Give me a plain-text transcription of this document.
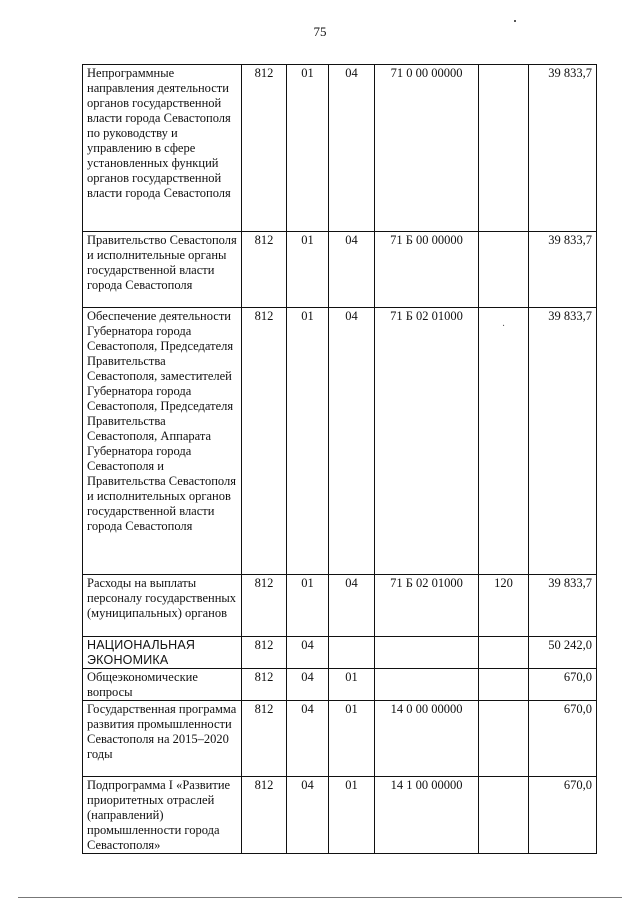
75
Непрограммные направления деятельности органов государственной власти города Севастополя по руководству и управлению в сфере установленных функций органов государственной власти города Севастополя	812	01	04	71 0 00 00000		39 833,7
Правительство Севастополя и исполнительные органы государственной власти города Севастополя	812	01	04	71 Б 00 00000		39 833,7
Обеспечение деятельности Губернатора города Севастополя, Председателя Правительства Севастополя, заместителей Губернатора города Севастополя, Председателя Правительства Севастополя, Аппарата Губернатора города Севастополя и Правительства Севастополя и исполнительных органов государственной власти города Севастополя	812	01	04	71 Б 02 01000	·	39 833,7
Расходы на выплаты персоналу государственных (муниципальных) органов	812	01	04	71 Б 02 01000	120	39 833,7
НАЦИОНАЛЬНАЯ ЭКОНОМИКА	812	04				50 242,0
Общеэкономические вопросы	812	04	01			670,0
Государственная программа развития промышленности Севастополя на 2015–2020 годы	812	04	01	14 0 00 00000		670,0
Подпрограмма I «Развитие приоритетных отраслей (направлений) промышленности города Севастополя»	812	04	01	14 1 00 00000		670,0
